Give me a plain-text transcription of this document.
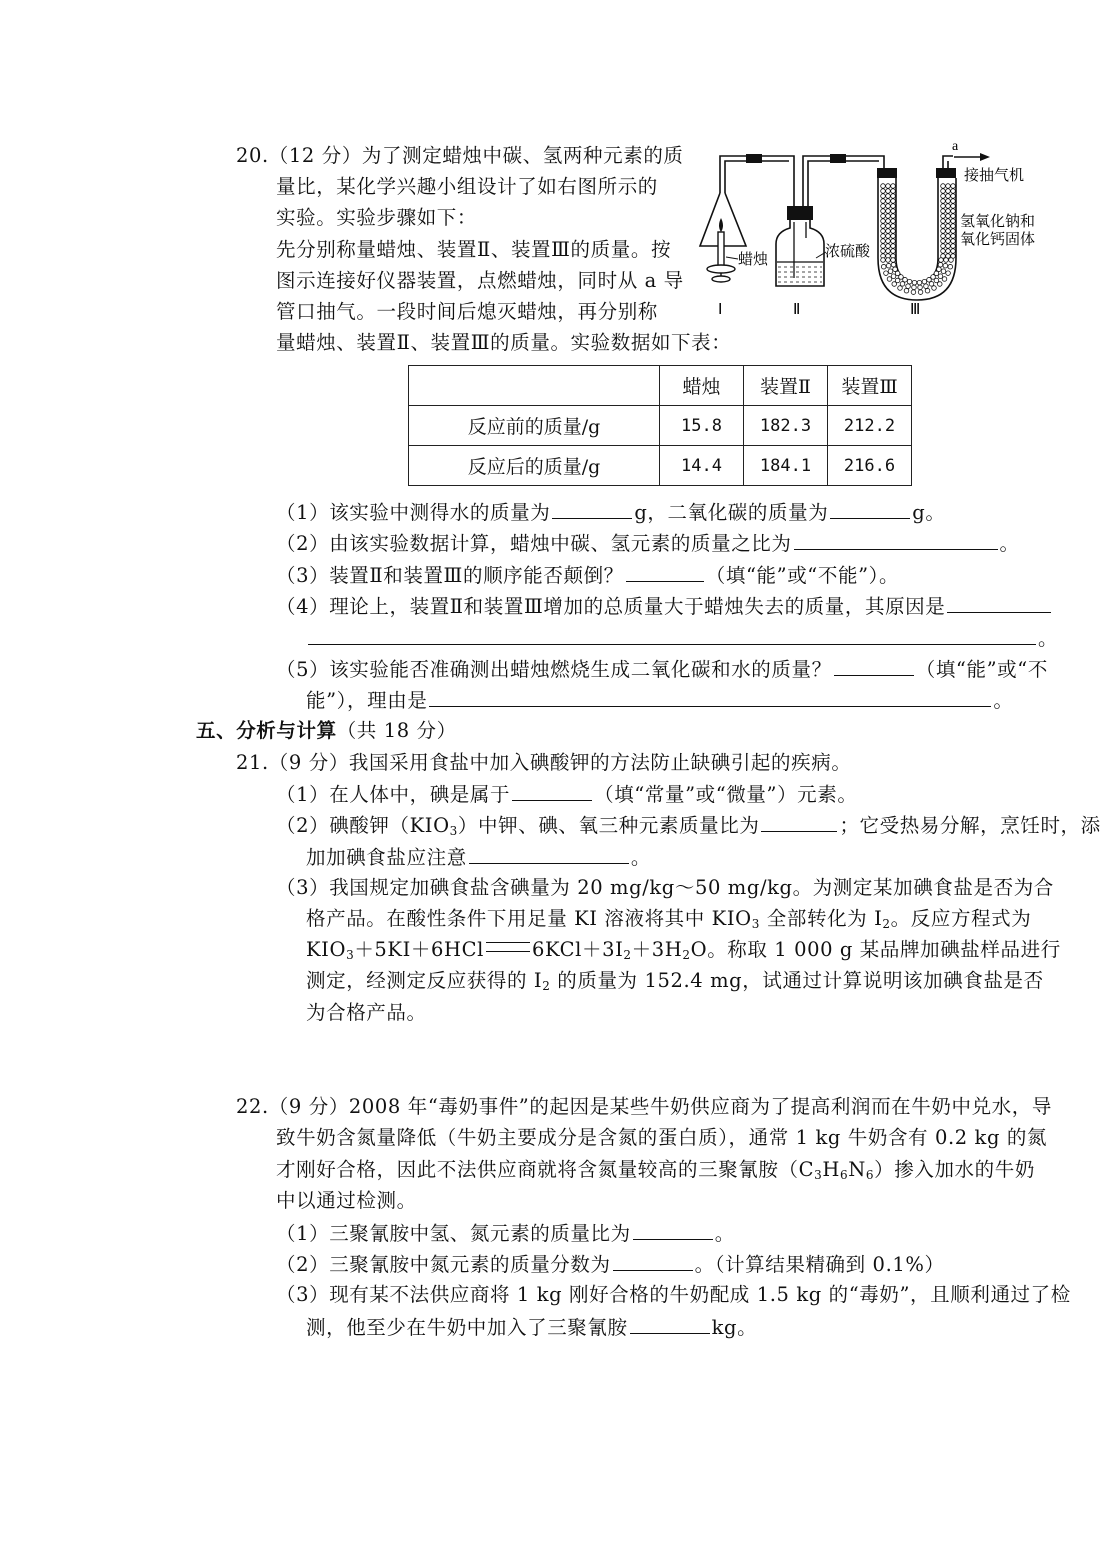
20.（12 分）为了测定蜡烛中碳、氢两种元素的质
量比，某化学兴趣小组设计了如右图所示的
实验。实验步骤如下：
先分别称量蜡烛、装置Ⅱ、装置Ⅲ的质量。按
图示连接好仪器装置，点燃蜡烛，同时从 a 导
管口抽气。一段时间后熄灭蜡烛，再分别称
量蜡烛、装置Ⅱ、装置Ⅲ的质量。实验数据如下表：
a
接抽气机
蜡烛	浓硫酸
氢氧化钠和
氧化钙固体
Ⅰ	Ⅱ	Ⅲ
	蜡烛	装置Ⅱ	装置Ⅲ
反应前的质量/g	15.8	182.3	212.2
反应后的质量/g	14.4	184.1	216.6
（1）该实验中测得水的质量为	g，二氧化碳的质量为	g。
（2）由该实验数据计算，蜡烛中碳、氢元素的质量之比为	。
（3）装置Ⅱ和装置Ⅲ的顺序能否颠倒？	（填“能”或“不能”）。
（4）理论上，装置Ⅱ和装置Ⅲ增加的总质量大于蜡烛失去的质量，其原因是
。
（5）该实验能否准确测出蜡烛燃烧生成二氧化碳和水的质量？	（填“能”或“不
能”），理由是	。
五、分析与计算（共 18 分）
21.（9 分）我国采用食盐中加入碘酸钾的方法防止缺碘引起的疾病。
（1）在人体中，碘是属于	（填“常量”或“微量”）元素。
（2）碘酸钾$(KIO_3)$中钾、碘、氧三种元素质量比为	；它受热易分解，烹饪时，添
加加碘食盐应注意	。
（3）我国规定加碘食盐含碘量为 20 mg/kg～50 mg/kg。为测定某加碘食盐是否为合
格产品。在酸性条件下用足量 KI 溶液将其中 $KIO_3$ 全部转化为 $I_2$。反应方程式为
$KIO_3+5KI+6HCl$ $6KCl+3I_2+3H_2O$。称取 1 000 g 某品牌加碘盐样品进行
测定，经测定反应获得的 $I_2$ 的质量为 152.4 mg，试通过计算说明该加碘食盐是否
为合格产品。
22.（9 分）2008 年“毒奶事件”的起因是某些牛奶供应商为了提高利润而在牛奶中兑水，导
致牛奶含氮量降低（牛奶主要成分是含氮的蛋白质），通常 1 kg 牛奶含有 0.2 kg 的氮
才刚好合格，因此不法供应商就将含氮量较高的三聚氰胺$(C_3H_6N_6)$掺入加水的牛奶
中以通过检测。
（1）三聚氰胺中氢、氮元素的质量比为	。
（2）三聚氰胺中氮元素的质量分数为	。（计算结果精确到 0.1%）
（3）现有某不法供应商将 1 kg 刚好合格的牛奶配成 1.5 kg 的“毒奶”，且顺利通过了检
测，他至少在牛奶中加入了三聚氰胺	kg。
